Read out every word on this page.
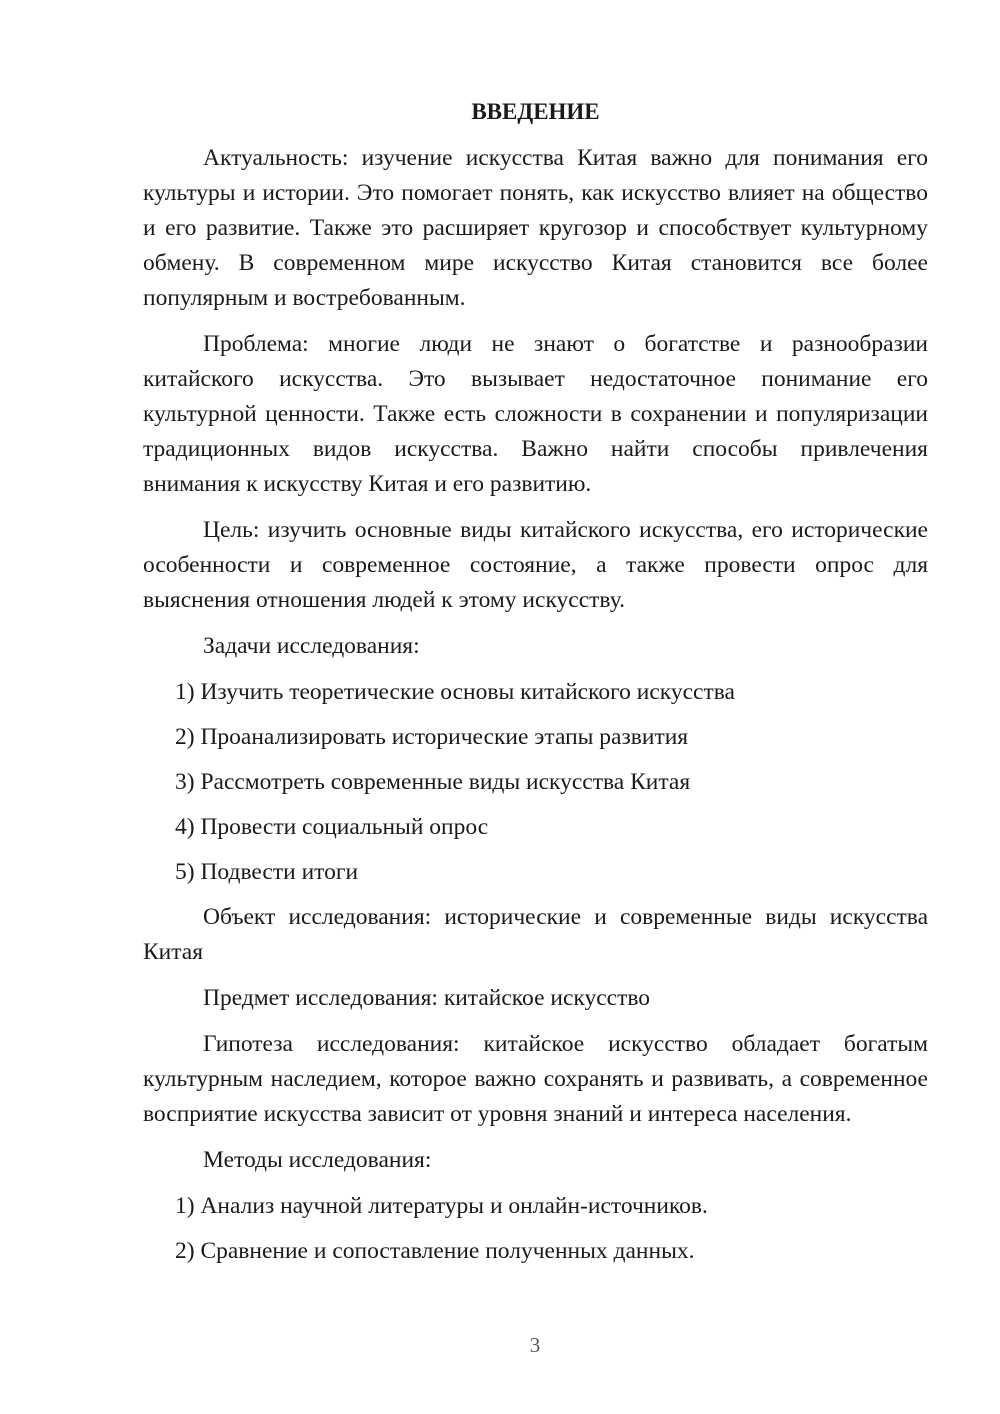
ВВЕДЕНИЕ

Актуальность: изучение искусства Китая важно для понимания его культуры и истории. Это помогает понять, как искусство влияет на общество и его развитие. Также это расширяет кругозор и способствует культурному обмену. В современном мире искусство Китая становится все более популярным и востребованным.

Проблема: многие люди не знают о богатстве и разнообразии китайского искусства. Это вызывает недостаточное понимание его культурной ценности. Также есть сложности в сохранении и популяризации традиционных видов искусства. Важно найти способы привлечения внимания к искусству Китая и его развитию.

Цель: изучить основные виды китайского искусства, его исторические особенности и современное состояние, а также провести опрос для выяснения отношения людей к этому искусству.

Задачи исследования:

1) Изучить теоретические основы китайского искусства
2) Проанализировать исторические этапы развития
3) Рассмотреть современные виды искусства Китая
4) Провести социальный опрос
5) Подвести итоги

Объект исследования: исторические и современные виды искусства Китая

Предмет исследования: китайское искусство

Гипотеза исследования: китайское искусство обладает богатым культурным наследием, которое важно сохранять и развивать, а современное восприятие искусства зависит от уровня знаний и интереса населения.

Методы исследования:

1) Анализ научной литературы и онлайн-источников.
2) Сравнение и сопоставление полученных данных.
3
